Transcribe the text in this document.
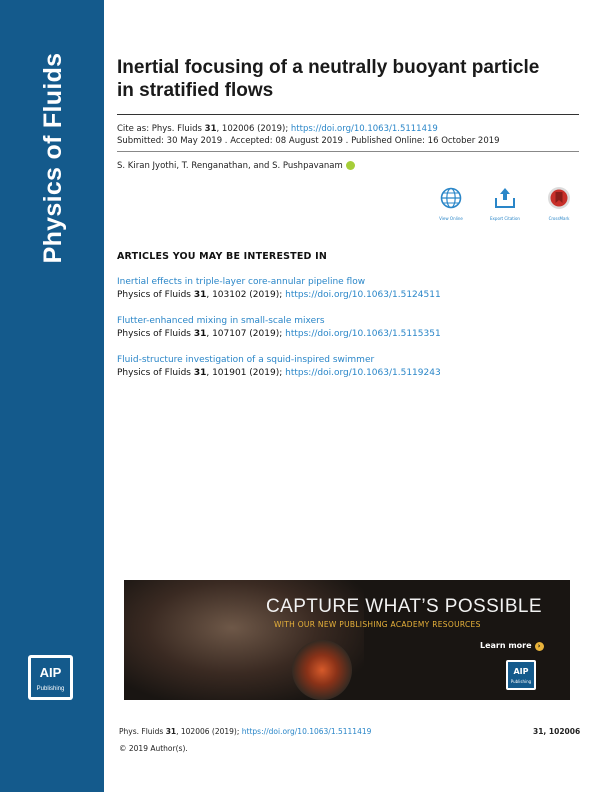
Physics of Fluids
AIP
Publishing
Inertial focusing of a neutrally buoyant particle in stratified flows
Cite as: Phys. Fluids 31, 102006 (2019); https://doi.org/10.1063/1.5111419
Submitted: 30 May 2019 . Accepted: 08 August 2019 . Published Online: 16 October 2019
S. Kiran Jyothi, T. Renganathan, and S. Pushpavanam
View Online	Export Citation	CrossMark
ARTICLES YOU MAY BE INTERESTED IN
Inertial effects in triple-layer core-annular pipeline flow
Physics of Fluids 31, 103102 (2019); https://doi.org/10.1063/1.5124511
Flutter-enhanced mixing in small-scale mixers
Physics of Fluids 31, 107107 (2019); https://doi.org/10.1063/1.5115351
Fluid-structure investigation of a squid-inspired swimmer
Physics of Fluids 31, 101901 (2019); https://doi.org/10.1063/1.5119243
CAPTURE WHAT’S POSSIBLE
WITH OUR NEW PUBLISHING ACADEMY RESOURCES
Learn more ›
AIP
Publishing
Phys. Fluids 31, 102006 (2019); https://doi.org/10.1063/1.5111419	31, 102006
© 2019 Author(s).
